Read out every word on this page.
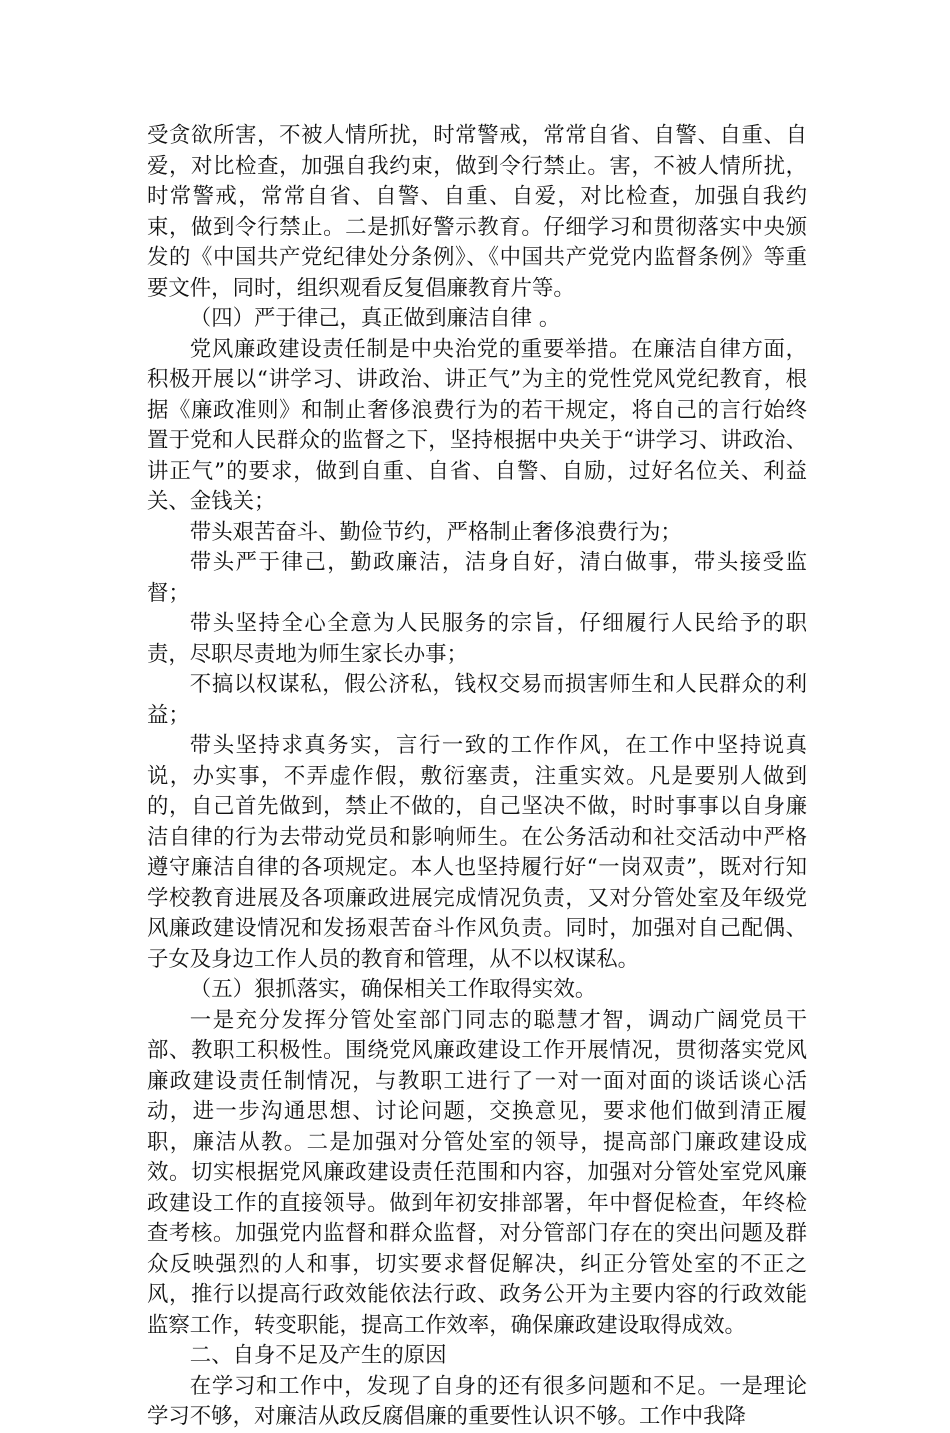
受贪欲所害，不被人情所扰，时常警戒，常常自省、自警、自重、自爱，对比检查，加强自我约束，做到令行禁止。害，不被人情所扰，时常警戒，常常自省、自警、自重、自爱，对比检查，加强自我约束，做到令行禁止。二是抓好警示教育。仔细学习和贯彻落实中央颁发的《中国共产党纪律处分条例》、《中国共产党党内监督条例》等重要文件，同时，组织观看反复倡廉教育片等。

（四）严于律己，真正做到廉洁自律 。

党风廉政建设责任制是中央治党的重要举措。在廉洁自律方面，积极开展以“讲学习、讲政治、讲正气”为主的党性党风党纪教育，根据《廉政准则》和制止奢侈浪费行为的若干规定，将自己的言行始终置于党和人民群众的监督之下，坚持根据中央关于“讲学习、讲政治、讲正气”的要求，做到自重、自省、自警、自励，过好名位关、利益关、金钱关；

带头艰苦奋斗、勤俭节约，严格制止奢侈浪费行为；

带头严于律己，勤政廉洁，洁身自好，清白做事，带头接受监督；

带头坚持全心全意为人民服务的宗旨，仔细履行人民给予的职责，尽职尽责地为师生家长办事；

不搞以权谋私，假公济私，钱权交易而损害师生和人民群众的利益；

带头坚持求真务实，言行一致的工作作风，在工作中坚持说真说，办实事，不弄虚作假，敷衍塞责，注重实效。凡是要别人做到的，自己首先做到，禁止不做的，自己坚决不做，时时事事以自身廉洁自律的行为去带动党员和影响师生。在公务活动和社交活动中严格遵守廉洁自律的各项规定。本人也坚持履行好“一岗双责”，既对行知学校教育进展及各项廉政进展完成情况负责，又对分管处室及年级党风廉政建设情况和发扬艰苦奋斗作风负责。同时，加强对自己配偶、子女及身边工作人员的教育和管理，从不以权谋私。

（五）狠抓落实，确保相关工作取得实效。

一是充分发挥分管处室部门同志的聪慧才智，调动广阔党员干部、教职工积极性。围绕党风廉政建设工作开展情况，贯彻落实党风廉政建设责任制情况，与教职工进行了一对一面对面的谈话谈心活动，进一步沟通思想、讨论问题，交换意见，要求他们做到清正履职，廉洁从教。二是加强对分管处室的领导，提高部门廉政建设成效。切实根据党风廉政建设责任范围和内容，加强对分管处室党风廉政建设工作的直接领导。做到年初安排部署，年中督促检查，年终检查考核。加强党内监督和群众监督，对分管部门存在的突出问题及群众反映强烈的人和事，切实要求督促解决，纠正分管处室的不正之风，推行以提高行政效能依法行政、政务公开为主要内容的行政效能监察工作，转变职能，提高工作效率，确保廉政建设取得成效。

二、自身不足及产生的原因

在学习和工作中，发现了自身的还有很多问题和不足。一是理论学习不够，对廉洁从政反腐倡廉的重要性认识不够。工作中我降
